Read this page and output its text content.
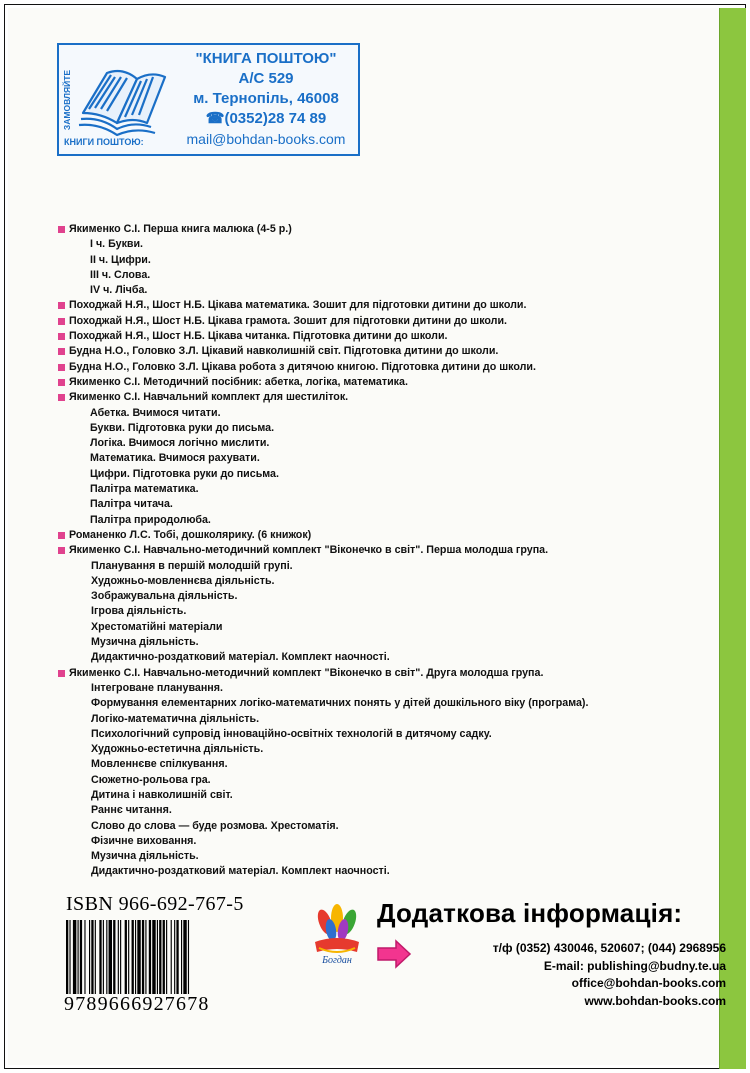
ЗАМОВЛЯЙТЕ
КНИГИ ПОШТОЮ:
"КНИГА ПОШТОЮ"
А/С 529
м. Тернопіль, 46008
☎(0352)28 74 89
mail@bohdan-books.com
Якименко С.І. Перша книга малюка (4-5 р.)
І ч. Букви.
ІІ ч. Цифри.
ІІІ ч. Слова.
IV ч. Лічба.
Походжай Н.Я., Шост Н.Б. Цікава математика. Зошит для підготовки дитини до школи.
Походжай Н.Я., Шост Н.Б. Цікава грамота. Зошит для підготовки дитини до школи.
Походжай Н.Я., Шост Н.Б. Цікава читанка. Підготовка дитини до школи.
Будна Н.О., Головко З.Л. Цікавий навколишній світ. Підготовка дитини до школи.
Будна Н.О., Головко З.Л. Цікава робота з дитячою книгою. Підготовка дитини до школи.
Якименко С.І. Методичний посібник: абетка, логіка, математика.
Якименко С.І. Навчальний комплект для шестиліток.
Абетка. Вчимося читати.
Букви. Підготовка руки до письма.
Логіка. Вчимося логічно мислити.
Математика. Вчимося рахувати.
Цифри. Підготовка руки до письма.
Палітра математика.
Палітра читача.
Палітра природолюба.
Романенко Л.С. Тобі, дошколярику. (6 книжок)
Якименко С.І. Навчально-методичний комплект "Віконечко в світ". Перша молодша група.
Планування в першій молодшій групі.
Художньо-мовленнєва діяльність.
Зображувальна діяльність.
Ігрова діяльність.
Хрестоматійні матеріали
Музична діяльність.
Дидактично-роздатковий матеріал. Комплект наочності.
Якименко С.І. Навчально-методичний комплект "Віконечко в світ". Друга молодша група.
Інтегроване планування.
Формування елементарних логіко-математичних понять у дітей дошкільного віку (програма).
Логіко-математична діяльність.
Психологічний супровід інноваційно-освітніх технологій в дитячому садку.
Художньо-естетична діяльність.
Мовленнєве спілкування.
Сюжетно-рольова гра.
Дитина і навколишній світ.
Раннє читання.
Слово до слова — буде розмова. Хрестоматія.
Фізичне виховання.
Музична діяльність.
Дидактично-роздатковий матеріал. Комплект наочності.
ISBN 966-692-767-5
9789666927678
Богдан
Додаткова інформація:
т/ф (0352) 430046, 520607; (044) 2968956
E-mail: publishing@budny.te.ua
office@bohdan-books.com
www.bohdan-books.com
